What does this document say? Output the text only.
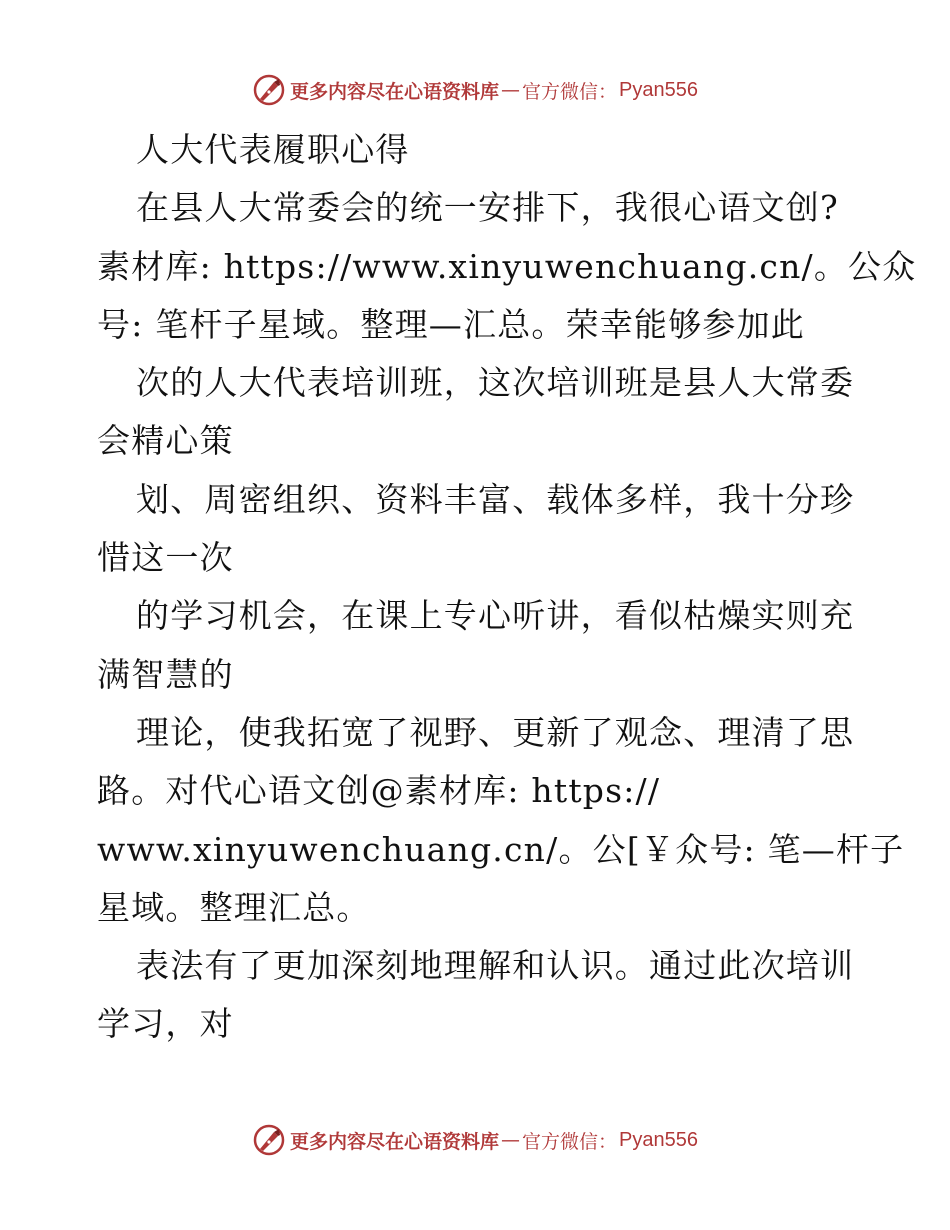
更多内容尽在心语资料库 — 官方微信： Pyan556
人大代表履职心得
在县人大常委会的统一安排下，我很心语文创?
素材库: https://www.xinyuwenchuang.cn/。公众
号: 笔杆子星域。整理—汇总。荣幸能够参加此
次的人大代表培训班，这次培训班是县人大常委
会精心策
划、周密组织、资料丰富、载体多样，我十分珍
惜这一次
的学习机会，在课上专心听讲，看似枯燥实则充
满智慧的
理论，使我拓宽了视野、更新了观念、理清了思
路。对代心语文创@素材库: https://
www.xinyuwenchuang.cn/。公[￥众号: 笔—杆子
星域。整理汇总。
表法有了更加深刻地理解和认识。通过此次培训
学习，对
更多内容尽在心语资料库 — 官方微信： Pyan556
